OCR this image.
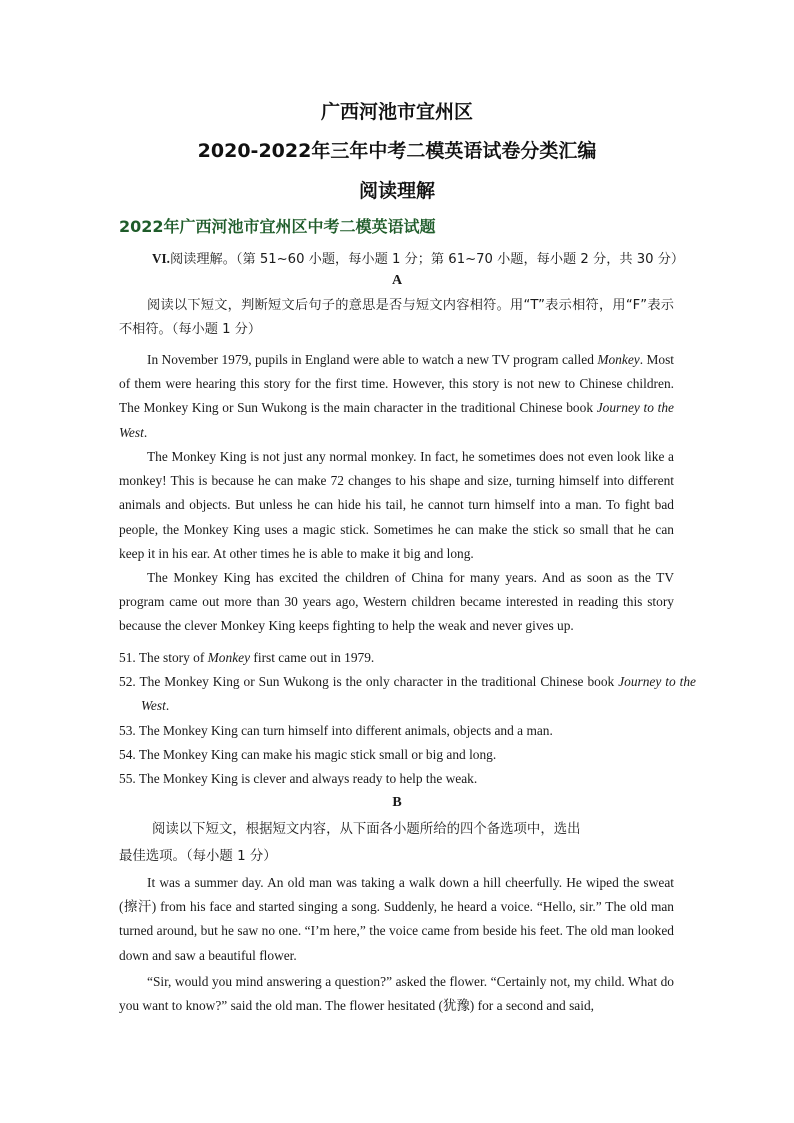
广西河池市宜州区
2020-2022年三年中考二模英语试卷分类汇编
阅读理解
2022年广西河池市宜州区中考二模英语试题
VI.阅读理解。（第 51~60 小题，每小题 1 分；第 61~70 小题，每小题 2 分，共 30 分）
A
阅读以下短文，判断短文后句子的意思是否与短文内容相符。用“T”表示相符，用“F”表示不相符。（每小题 1 分）
In November 1979, pupils in England were able to watch a new TV program called Monkey. Most of them were hearing this story for the first time. However, this story is not new to Chinese children. The Monkey King or Sun Wukong is the main character in the traditional Chinese book Journey to the West.
The Monkey King is not just any normal monkey. In fact, he sometimes does not even look like a monkey! This is because he can make 72 changes to his shape and size, turning himself into different animals and objects. But unless he can hide his tail, he cannot turn himself into a man. To fight bad people, the Monkey King uses a magic stick. Sometimes he can make the stick so small that he can keep it in his ear. At other times he is able to make it big and long.
The Monkey King has excited the children of China for many years. And as soon as the TV program came out more than 30 years ago, Western children became interested in reading this story because the clever Monkey King keeps fighting to help the weak and never gives up.
51. The story of Monkey first came out in 1979.
52. The Monkey King or Sun Wukong is the only character in the traditional Chinese book Journey to the West.
53. The Monkey King can turn himself into different animals, objects and a man.
54. The Monkey King can make his magic stick small or big and long.
55. The Monkey King is clever and always ready to help the weak.
B
阅读以下短文，根据短文内容，从下面各小题所给的四个备选项中，选出
最佳选项。（每小题 1 分）
It was a summer day. An old man was taking a walk down a hill cheerfully. He wiped the sweat (擦汗) from his face and started singing a song. Suddenly, he heard a voice. “Hello, sir.” The old man turned around, but he saw no one. “I’m here,” the voice came from beside his feet. The old man looked down and saw a beautiful flower.
“Sir, would you mind answering a question?” asked the flower. “Certainly not, my child. What do you want to know?” said the old man. The flower hesitated (犹豫) for a second and said,
